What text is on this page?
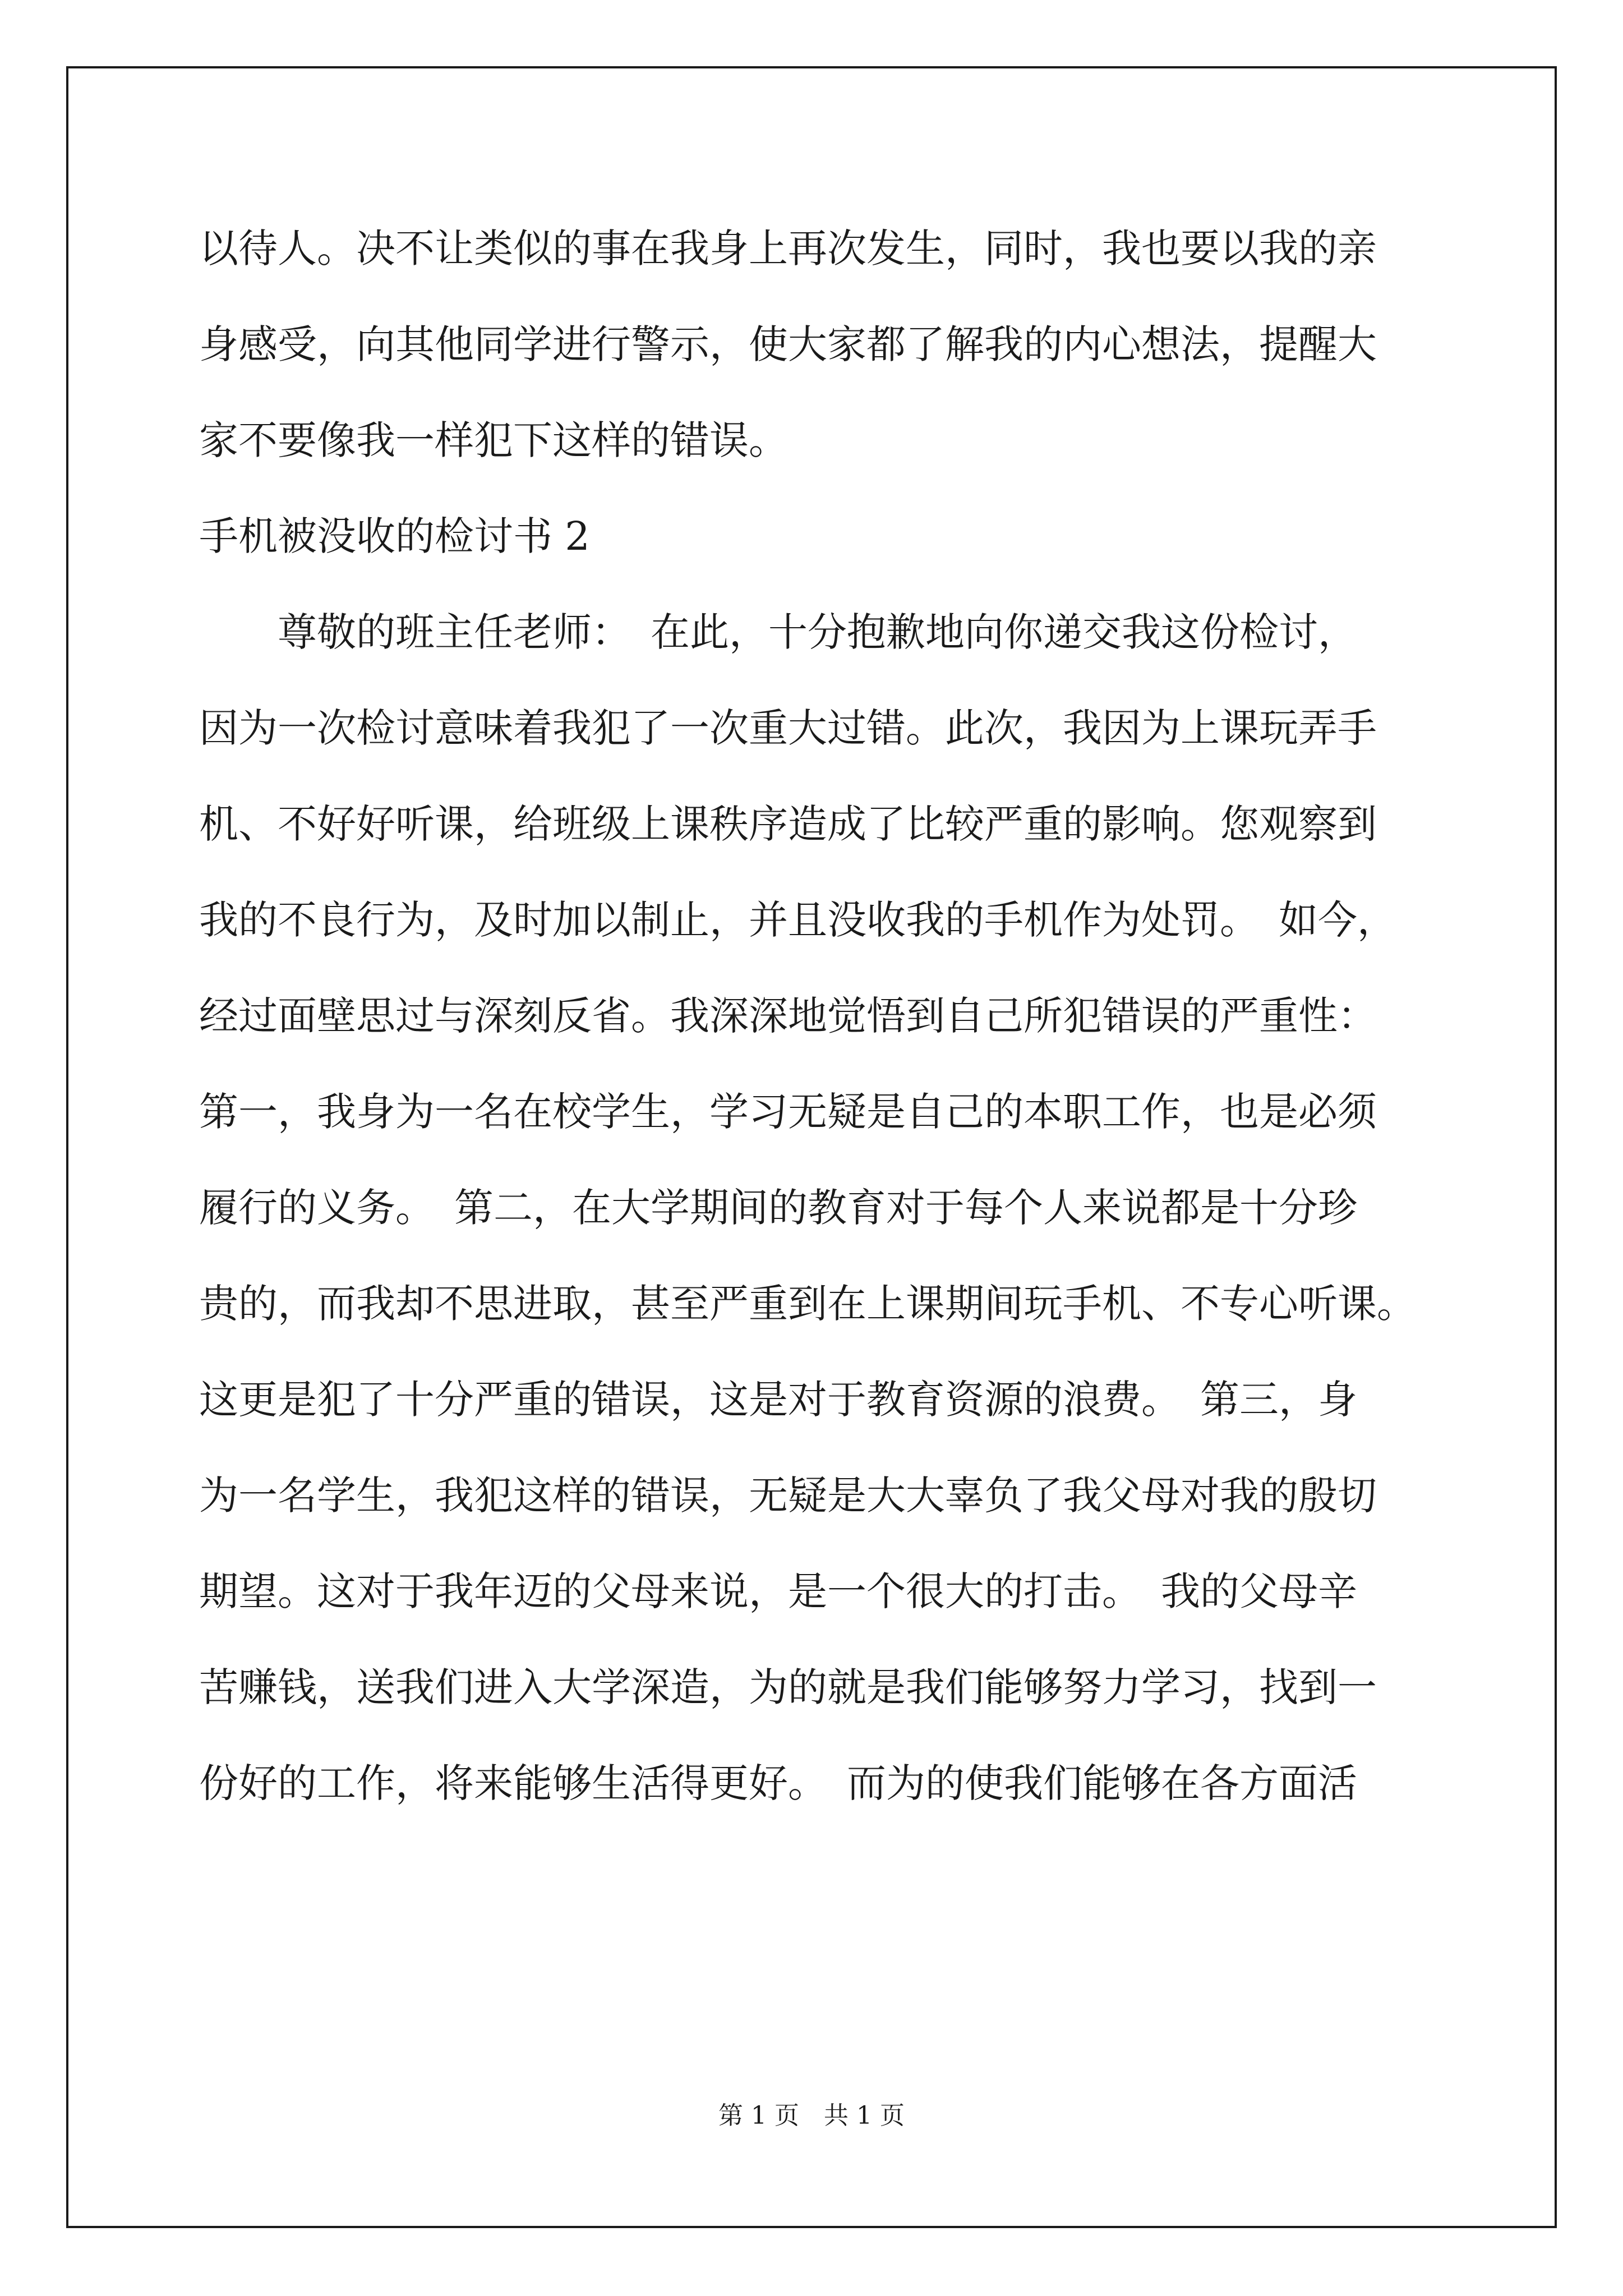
以待人。决不让类似的事在我身上再次发生，同时，我也要以我的亲
身感受，向其他同学进行警示，使大家都了解我的内心想法，提醒大
家不要像我一样犯下这样的错误。
手机被没收的检讨书 2
　　尊敬的班主任老师：　在此，十分抱歉地向你递交我这份检讨，
因为一次检讨意味着我犯了一次重大过错。此次，我因为上课玩弄手
机、不好好听课，给班级上课秩序造成了比较严重的影响。您观察到
我的不良行为，及时加以制止，并且没收我的手机作为处罚。　如今，
经过面壁思过与深刻反省。我深深地觉悟到自己所犯错误的严重性：
第一，我身为一名在校学生，学习无疑是自己的本职工作，也是必须
履行的义务。　第二，在大学期间的教育对于每个人来说都是十分珍
贵的，而我却不思进取，甚至严重到在上课期间玩手机、不专心听课。
这更是犯了十分严重的错误，这是对于教育资源的浪费。　第三，身
为一名学生，我犯这样的错误，无疑是大大辜负了我父母对我的殷切
期望。这对于我年迈的父母来说，是一个很大的打击。　我的父母辛
苦赚钱，送我们进入大学深造，为的就是我们能够努力学习，找到一
份好的工作，将来能够生活得更好。　而为的使我们能够在各方面活
第 1 页　共 1 页
